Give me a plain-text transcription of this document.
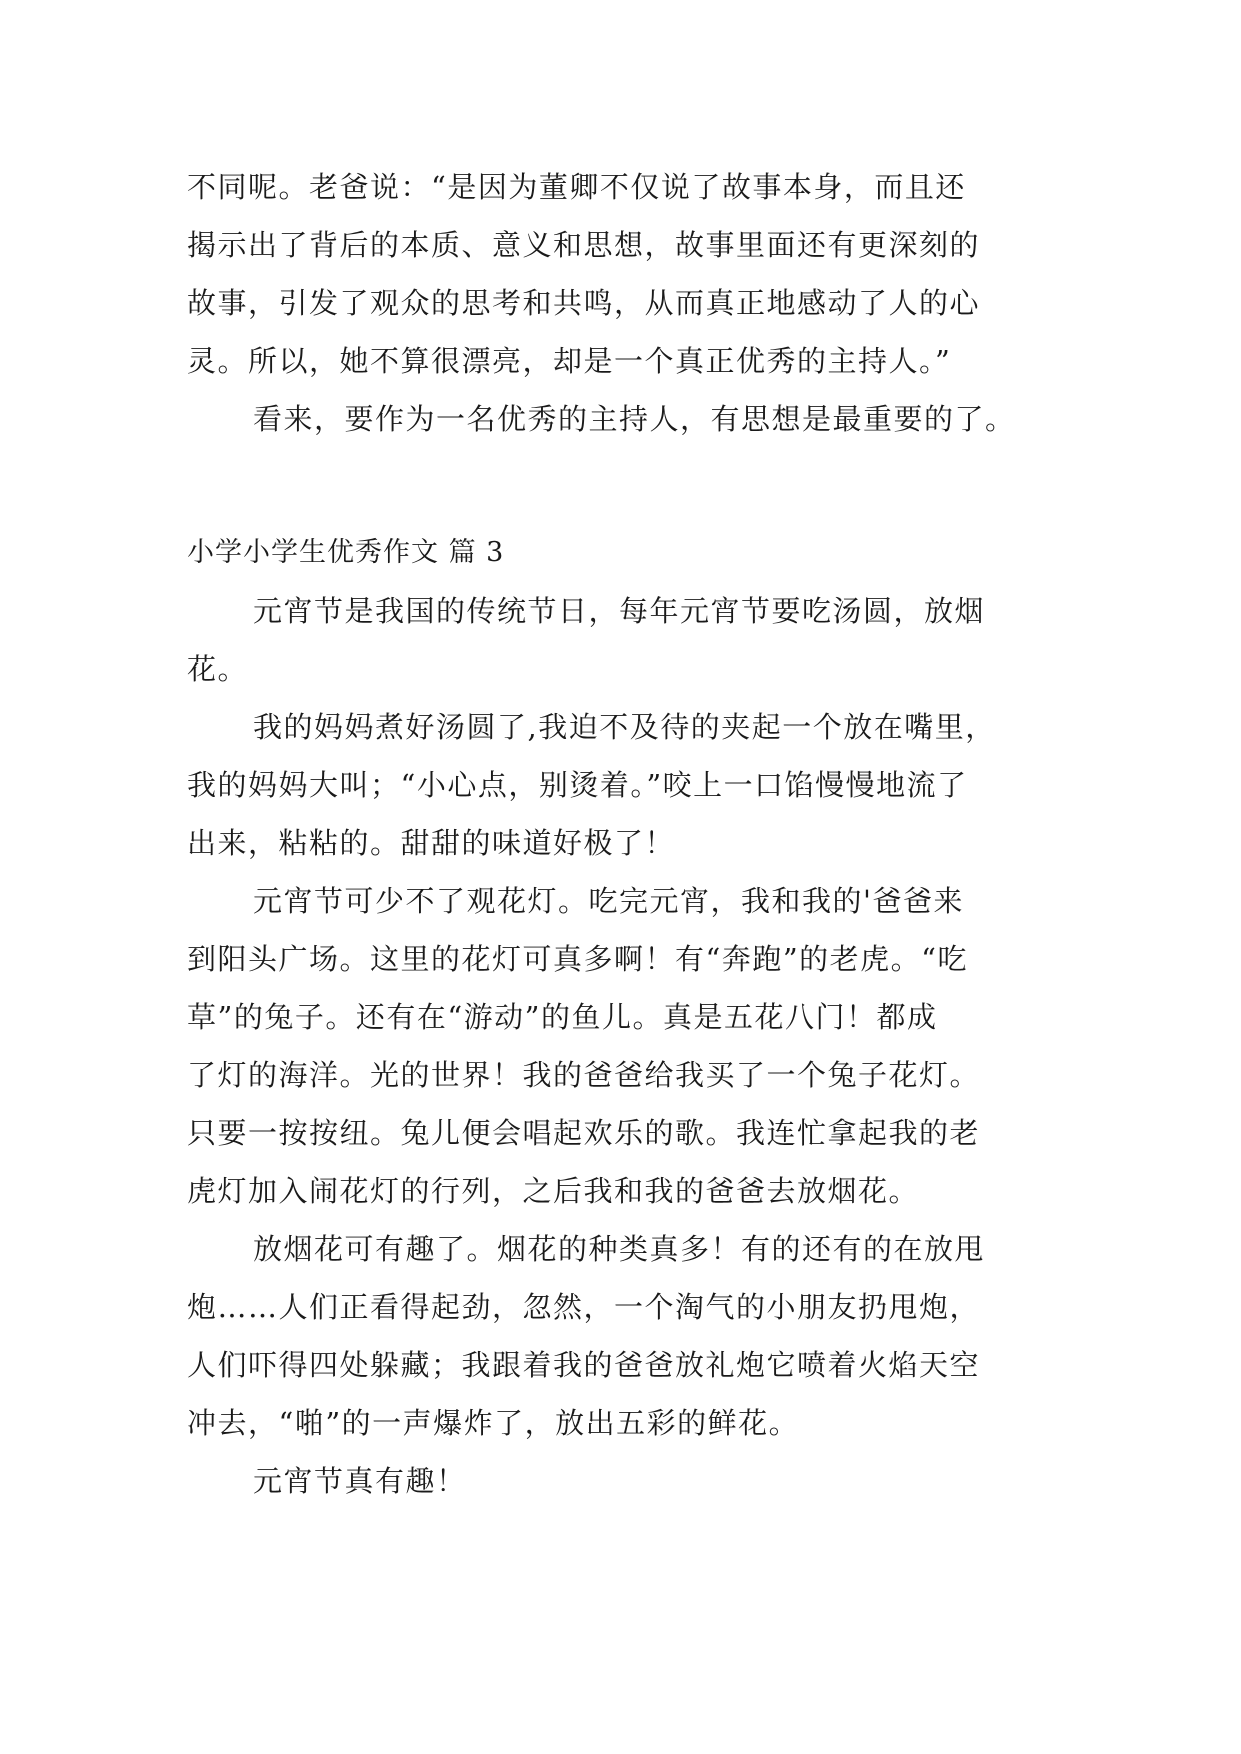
不同呢。老爸说：“是因为董卿不仅说了故事本身，而且还

揭示出了背后的本质、意义和思想，故事里面还有更深刻的

故事，引发了观众的思考和共鸣，从而真正地感动了人的心

灵。所以，她不算很漂亮，却是一个真正优秀的主持人。”

看来，要作为一名优秀的主持人，有思想是最重要的了。

小学小学生优秀作文 篇 3

元宵节是我国的传统节日，每年元宵节要吃汤圆，放烟

花。

我的妈妈煮好汤圆了,我迫不及待的夹起一个放在嘴里，

我的妈妈大叫；“小心点，别烫着。”咬上一口馅慢慢地流了

出来，粘粘的。甜甜的味道好极了！

元宵节可少不了观花灯。吃完元宵，我和我的'爸爸来

到阳头广场。这里的花灯可真多啊！有“奔跑”的老虎。“吃

草”的兔子。还有在“游动”的鱼儿。真是五花八门！都成

了灯的海洋。光的世界！我的爸爸给我买了一个兔子花灯。

只要一按按纽。兔儿便会唱起欢乐的歌。我连忙拿起我的老

虎灯加入闹花灯的行列，之后我和我的爸爸去放烟花。

放烟花可有趣了。烟花的种类真多！有的还有的在放甩

炮……人们正看得起劲，忽然，一个淘气的小朋友扔甩炮，

人们吓得四处躲藏；我跟着我的爸爸放礼炮它喷着火焰天空

冲去，“啪”的一声爆炸了，放出五彩的鲜花。

元宵节真有趣！
